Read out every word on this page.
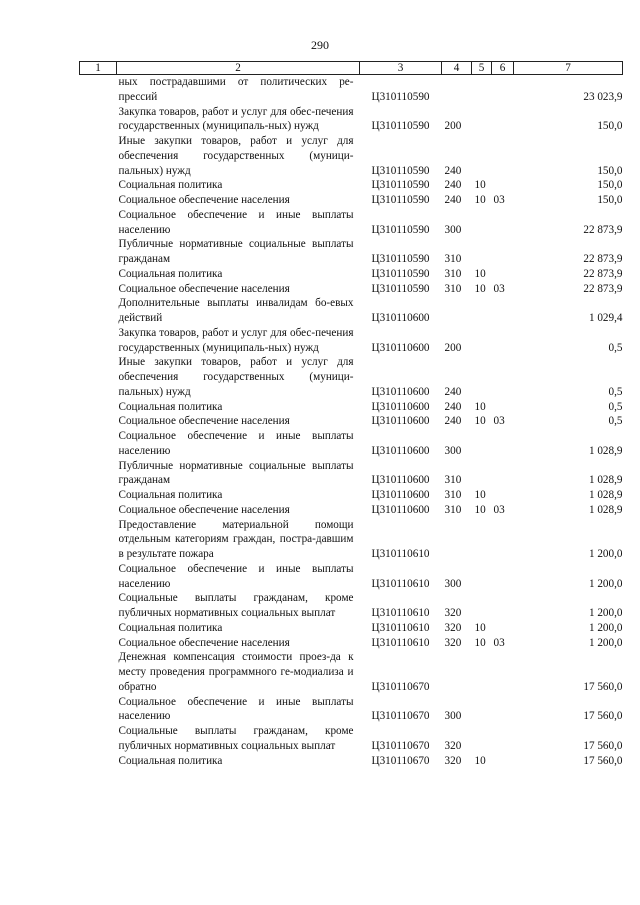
290
1	2	3	4	5	6	7
	ных пострадавшими от политических ре-прессий	Ц310110590				23 023,9
	Закупка товаров, работ и услуг для обес-печения государственных (муниципаль-ных) нужд	Ц310110590	200			150,0
	Иные закупки товаров, работ и услуг для обеспечения государственных (муници-пальных) нужд	Ц310110590	240			150,0
	Социальная политика	Ц310110590	240	10		150,0
	Социальное обеспечение населения	Ц310110590	240	10	03	150,0
	Социальное обеспечение и иные выплаты населению	Ц310110590	300			22 873,9
	Публичные нормативные социальные выплаты гражданам	Ц310110590	310			22 873,9
	Социальная политика	Ц310110590	310	10		22 873,9
	Социальное обеспечение населения	Ц310110590	310	10	03	22 873,9
	Дополнительные выплаты инвалидам бо-евых действий	Ц310110600				1 029,4
	Закупка товаров, работ и услуг для обес-печения государственных (муниципаль-ных) нужд	Ц310110600	200			0,5
	Иные закупки товаров, работ и услуг для обеспечения государственных (муници-пальных) нужд	Ц310110600	240			0,5
	Социальная политика	Ц310110600	240	10		0,5
	Социальное обеспечение населения	Ц310110600	240	10	03	0,5
	Социальное обеспечение и иные выплаты населению	Ц310110600	300			1 028,9
	Публичные нормативные социальные выплаты гражданам	Ц310110600	310			1 028,9
	Социальная политика	Ц310110600	310	10		1 028,9
	Социальное обеспечение населения	Ц310110600	310	10	03	1 028,9
	Предоставление материальной помощи отдельным категориям граждан, постра-давшим в результате пожара	Ц310110610				1 200,0
	Социальное обеспечение и иные выплаты населению	Ц310110610	300			1 200,0
	Социальные выплаты гражданам, кроме публичных нормативных социальных выплат	Ц310110610	320			1 200,0
	Социальная политика	Ц310110610	320	10		1 200,0
	Социальное обеспечение населения	Ц310110610	320	10	03	1 200,0
	Денежная компенсация стоимости проез-да к месту проведения программного ге-модиализа и обратно	Ц310110670				17 560,0
	Социальное обеспечение и иные выплаты населению	Ц310110670	300			17 560,0
	Социальные выплаты гражданам, кроме публичных нормативных социальных выплат	Ц310110670	320			17 560,0
	Социальная политика	Ц310110670	320	10		17 560,0
